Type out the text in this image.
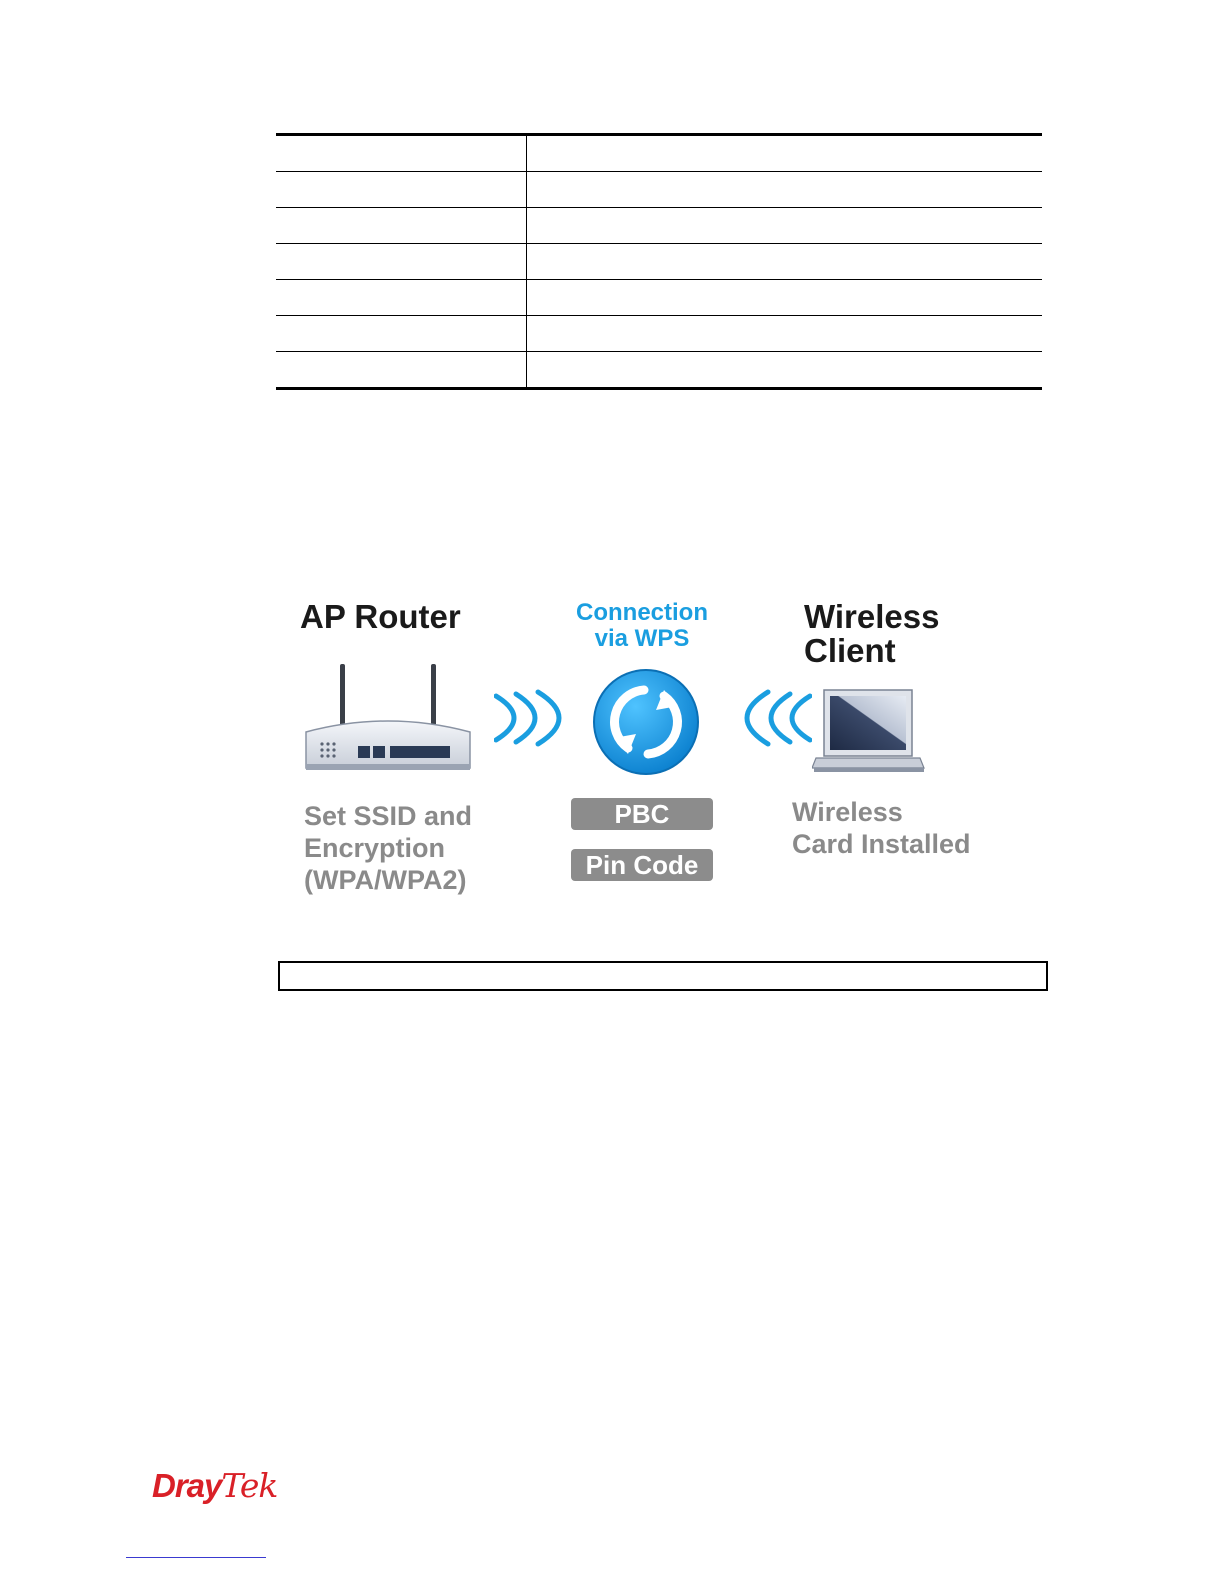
AP Router
Set SSID and
Encryption
(WPA/WPA2)
Connection
via WPS
PBC
Pin Code
Wireless
Client
Wireless
Card Installed
DrayTek
